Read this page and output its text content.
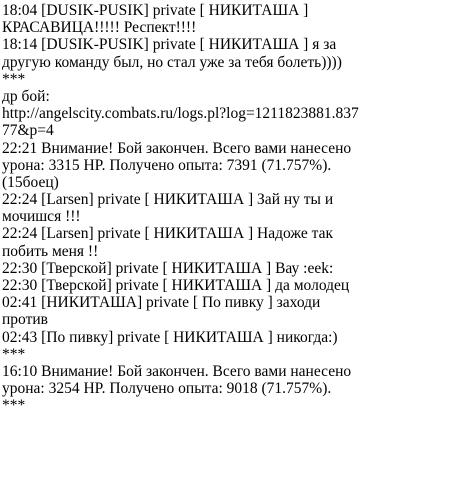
18:04 [DUSIK-PUSIK] private [ НИКИТАША ]
КРАСАВИЦА!!!!! Респект!!!!
18:14 [DUSIK-PUSIK] private [ НИКИТАША ] я за
другую команду был, но стал уже за тебя болеть))))
***
др бой:
http://angelscity.combats.ru/logs.pl?log=1211823881.837
77&p=4
22:21 Внимание! Бой закончен. Всего вами нанесено
урона: 3315 HP. Получено опыта: 7391 (71.757%).
(15боец)
22:24 [Larsen] private [ НИКИТАША ] Зай ну ты и
мочишся !!!
22:24 [Larsen] private [ НИКИТАША ] Надоже так
побить меня !!
22:30 [Тверской] private [ НИКИТАША ] Вау :eek:
22:30 [Тверской] private [ НИКИТАША ] да молодец
02:41 [НИКИТАША] private [ По пивку ] заходи
против
02:43 [По пивку] private [ НИКИТАША ] никогда:)
***
16:10 Внимание! Бой закончен. Всего вами нанесено
урона: 3254 HP. Получено опыта: 9018 (71.757%).
***
